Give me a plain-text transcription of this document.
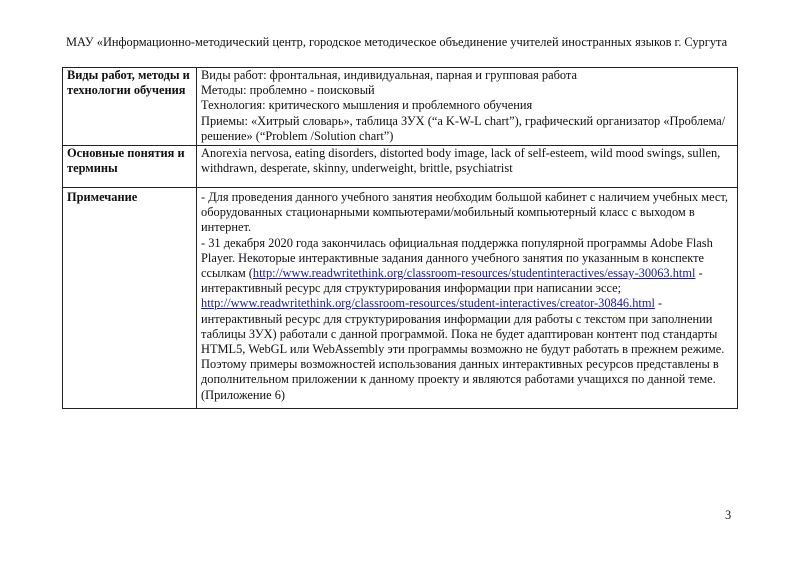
МАУ «Информационно-методический центр, городское методическое объединение учителей иностранных языков г. Сургута
Виды работ, методы и технологии обучения	Виды работ: фронтальная, индивидуальная, парная и групповая работа
Методы: проблемно - поисковый
Технология: критического мышления и проблемного обучения
Приемы: «Хитрый словарь», таблица ЗУХ (“a K-W-L chart”), графический организатор «Проблема/решение» (“Problem /Solution chart”)

Основные понятия и термины	Anorexia nervosa, eating disorders, distorted body image, lack of self-esteem, wild mood swings, sullen, withdrawn, desperate, skinny, underweight, brittle, psychiatrist
Примечание	- Для проведения данного учебного занятия необходим большой кабинет с наличием учебных мест, оборудованных стационарными компьютерами/мобильный компьютерный класс с выходом в интернет.
- 31 декабря 2020 года закончилась официальная поддержка популярной программы Adobe Flash Player. Некоторые интерактивные задания данного учебного занятия по указанным в конспекте ссылкам (http://www.readwritethink.org/classroom-resources/studentinteractives/essay-30063.html - интерактивный ресурс для структурирования информации при написании эссе; http://www.readwritethink.org/classroom-resources/student-interactives/creator-30846.html - интерактивный ресурс для структурирования информации для работы с текстом при заполнении таблицы ЗУХ) работали с данной программой. Пока не будет адаптирован контент под стандарты HTML5, WebGL или WebAssembly эти программы возможно не будут работать в прежнем режиме. Поэтому примеры возможностей использования данных интерактивных ресурсов представлены в дополнительном приложении к данному проекту и являются работами учащихся по данной теме. (Приложение 6)
3
